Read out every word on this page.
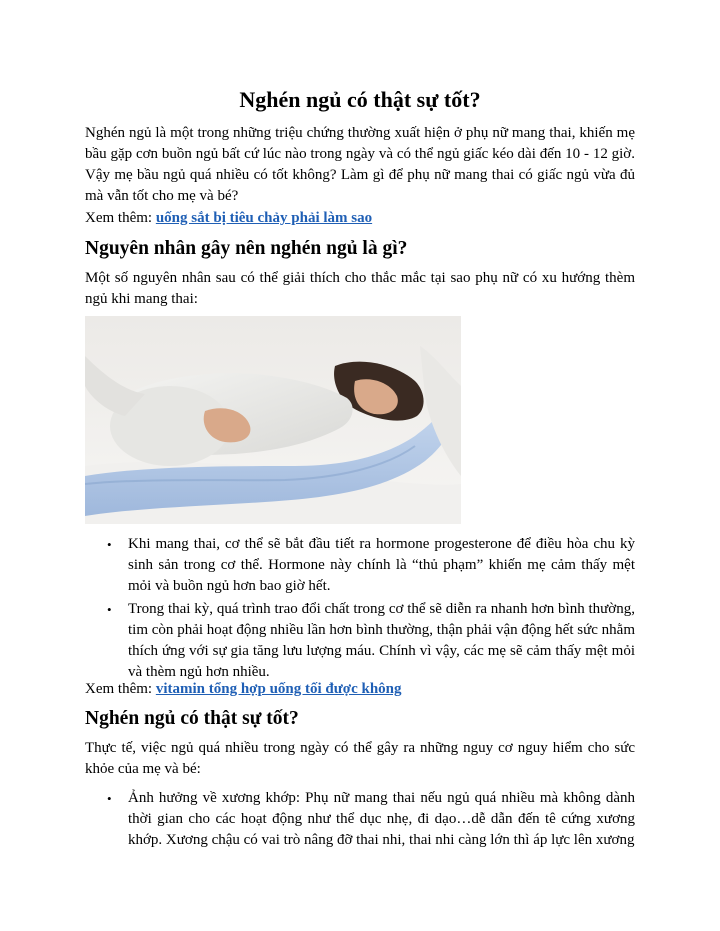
Nghén ngủ có thật sự tốt?

Nghén ngủ là một trong những triệu chứng thường xuất hiện ở phụ nữ mang thai, khiến mẹ bầu gặp cơn buồn ngủ bất cứ lúc nào trong ngày và có thể ngủ giấc kéo dài đến 10 - 12 giờ. Vậy mẹ bầu ngủ quá nhiều có tốt không? Làm gì để phụ nữ mang thai có giấc ngủ vừa đủ mà vẫn tốt cho mẹ và bé?

Xem thêm: uống sắt bị tiêu chảy phải làm sao

Nguyên nhân gây nên nghén ngủ là gì?

Một số nguyên nhân sau có thể giải thích cho thắc mắc tại sao phụ nữ có xu hướng thèm ngủ khi mang thai:

• Khi mang thai, cơ thể sẽ bắt đầu tiết ra hormone progesterone để điều hòa chu kỳ sinh sản trong cơ thể. Hormone này chính là “thủ phạm” khiến mẹ cảm thấy mệt mỏi và buồn ngủ hơn bao giờ hết.
• Trong thai kỳ, quá trình trao đổi chất trong cơ thể sẽ diễn ra nhanh hơn bình thường, tim còn phải hoạt động nhiều lần hơn bình thường, thận phải vận động hết sức nhằm thích ứng với sự gia tăng lưu lượng máu. Chính vì vậy, các mẹ sẽ cảm thấy mệt mỏi và thèm ngủ hơn nhiều.

Xem thêm: vitamin tổng hợp uống tối được không

Nghén ngủ có thật sự tốt?

Thực tế, việc ngủ quá nhiều trong ngày có thể gây ra những nguy cơ nguy hiểm cho sức khỏe của mẹ và bé:

• Ảnh hưởng về xương khớp: Phụ nữ mang thai nếu ngủ quá nhiều mà không dành thời gian cho các hoạt động như thể dục nhẹ, đi dạo…dễ dẫn đến tê cứng xương khớp. Xương chậu có vai trò nâng đỡ thai nhi, thai nhi càng lớn thì áp lực lên xương
